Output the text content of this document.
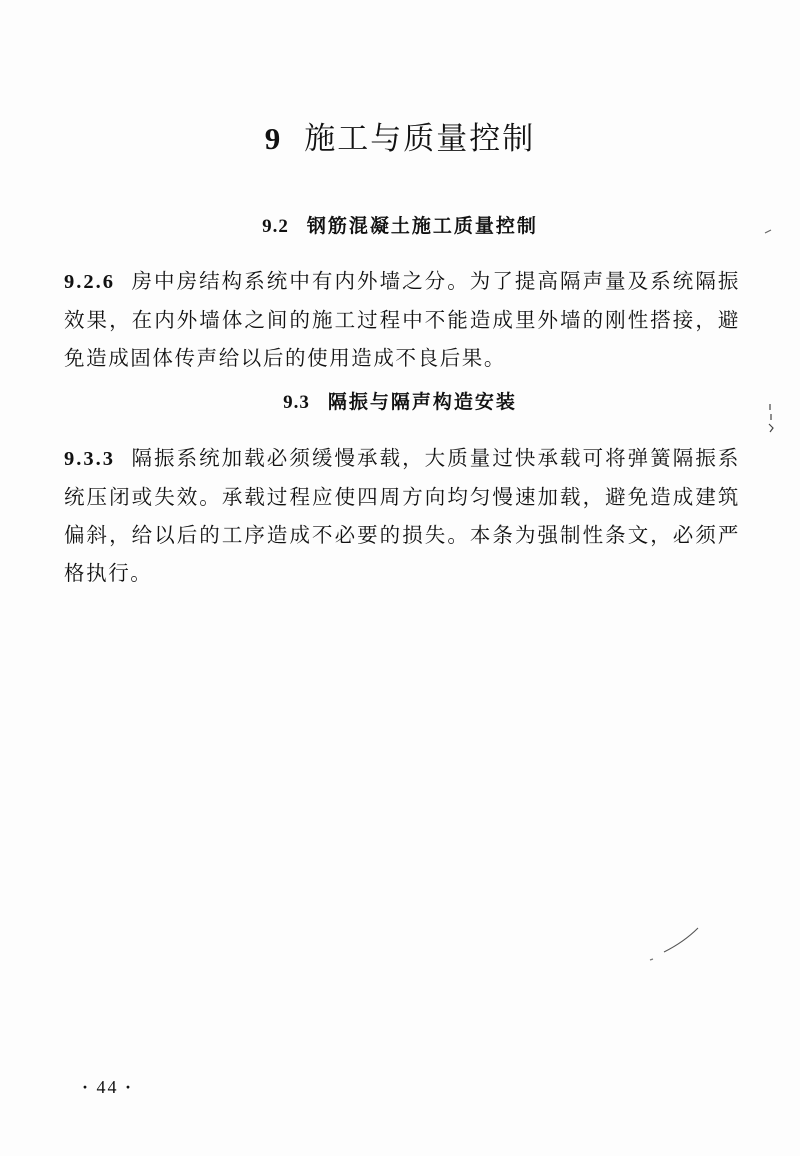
9 施工与质量控制
9.2 钢筋混凝土施工质量控制

9.2.6 房中房结构系统中有内外墙之分。为了提高隔声量及系统隔振效果，在内外墙体之间的施工过程中不能造成里外墙的刚性搭接，避免造成固体传声给以后的使用造成不良后果。

9.3 隔振与隔声构造安装

9.3.3 隔振系统加载必须缓慢承载，大质量过快承载可将弹簧隔振系统压闭或失效。承载过程应使四周方向均匀慢速加载，避免造成建筑偏斜，给以后的工序造成不必要的损失。本条为强制性条文，必须严格执行。

· 44 ·
